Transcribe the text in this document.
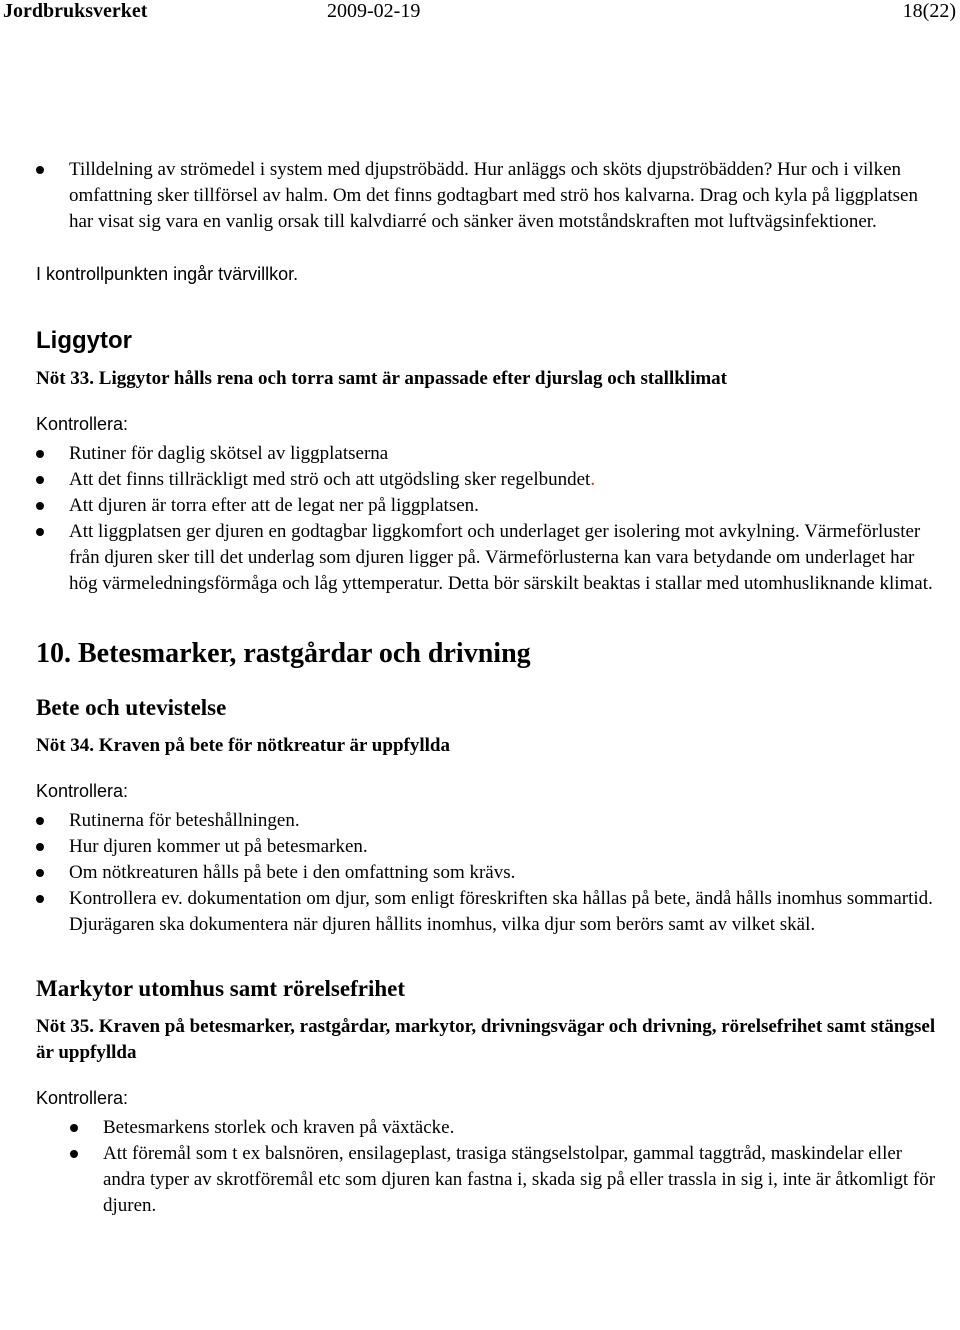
Jordbruksverket	2009-02-19	18(22)
Tilldelning av strömedel i system med djupströbädd. Hur anläggs och sköts djupströbädden? Hur och i vilken omfattning sker tillförsel av halm. Om det finns godtagbart med strö hos kalvarna. Drag och kyla på liggplatsen har visat sig vara en vanlig orsak till kalvdiarré och sänker även motståndskraften mot luftvägsinfektioner.

I kontrollpunkten ingår tvärvillkor.

Liggytor

Nöt 33. Liggytor hålls rena och torra samt är anpassade efter djurslag och stallklimat

Kontrollera:

Rutiner för daglig skötsel av liggplatserna
Att det finns tillräckligt med strö och att utgödsling sker regelbundet.
Att djuren är torra efter att de legat ner på liggplatsen.
Att liggplatsen ger djuren en godtagbar liggkomfort och underlaget ger isolering mot avkylning. Värmeförluster från djuren sker till det underlag som djuren ligger på. Värmeförlusterna kan vara betydande om underlaget har hög värmeledningsförmåga och låg yttemperatur. Detta bör särskilt beaktas i stallar med utomhusliknande klimat.
10. Betesmarker, rastgårdar och drivning
Bete och utevistelse

Nöt 34. Kraven på bete för nötkreatur är uppfyllda

Kontrollera:

Rutinerna för beteshållningen.
Hur djuren kommer ut på betesmarken.
Om nötkreaturen hålls på bete i den omfattning som krävs.
Kontrollera ev. dokumentation om djur, som enligt föreskriften ska hållas på bete, ändå hålls inomhus sommartid. Djurägaren ska dokumentera när djuren hållits inomhus, vilka djur som berörs samt av vilket skäl.
Markytor utomhus samt rörelsefrihet

Nöt 35. Kraven på betesmarker, rastgårdar, markytor, drivningsvägar och drivning, rörelsefrihet samt stängsel är uppfyllda

Kontrollera:

Betesmarkens storlek och kraven på växtäcke.
Att föremål som t ex balsnören, ensilageplast, trasiga stängselstolpar, gammal taggtråd, maskindelar eller andra typer av skrotföremål etc som djuren kan fastna i, skada sig på eller trassla in sig i, inte är åtkomligt för djuren.
